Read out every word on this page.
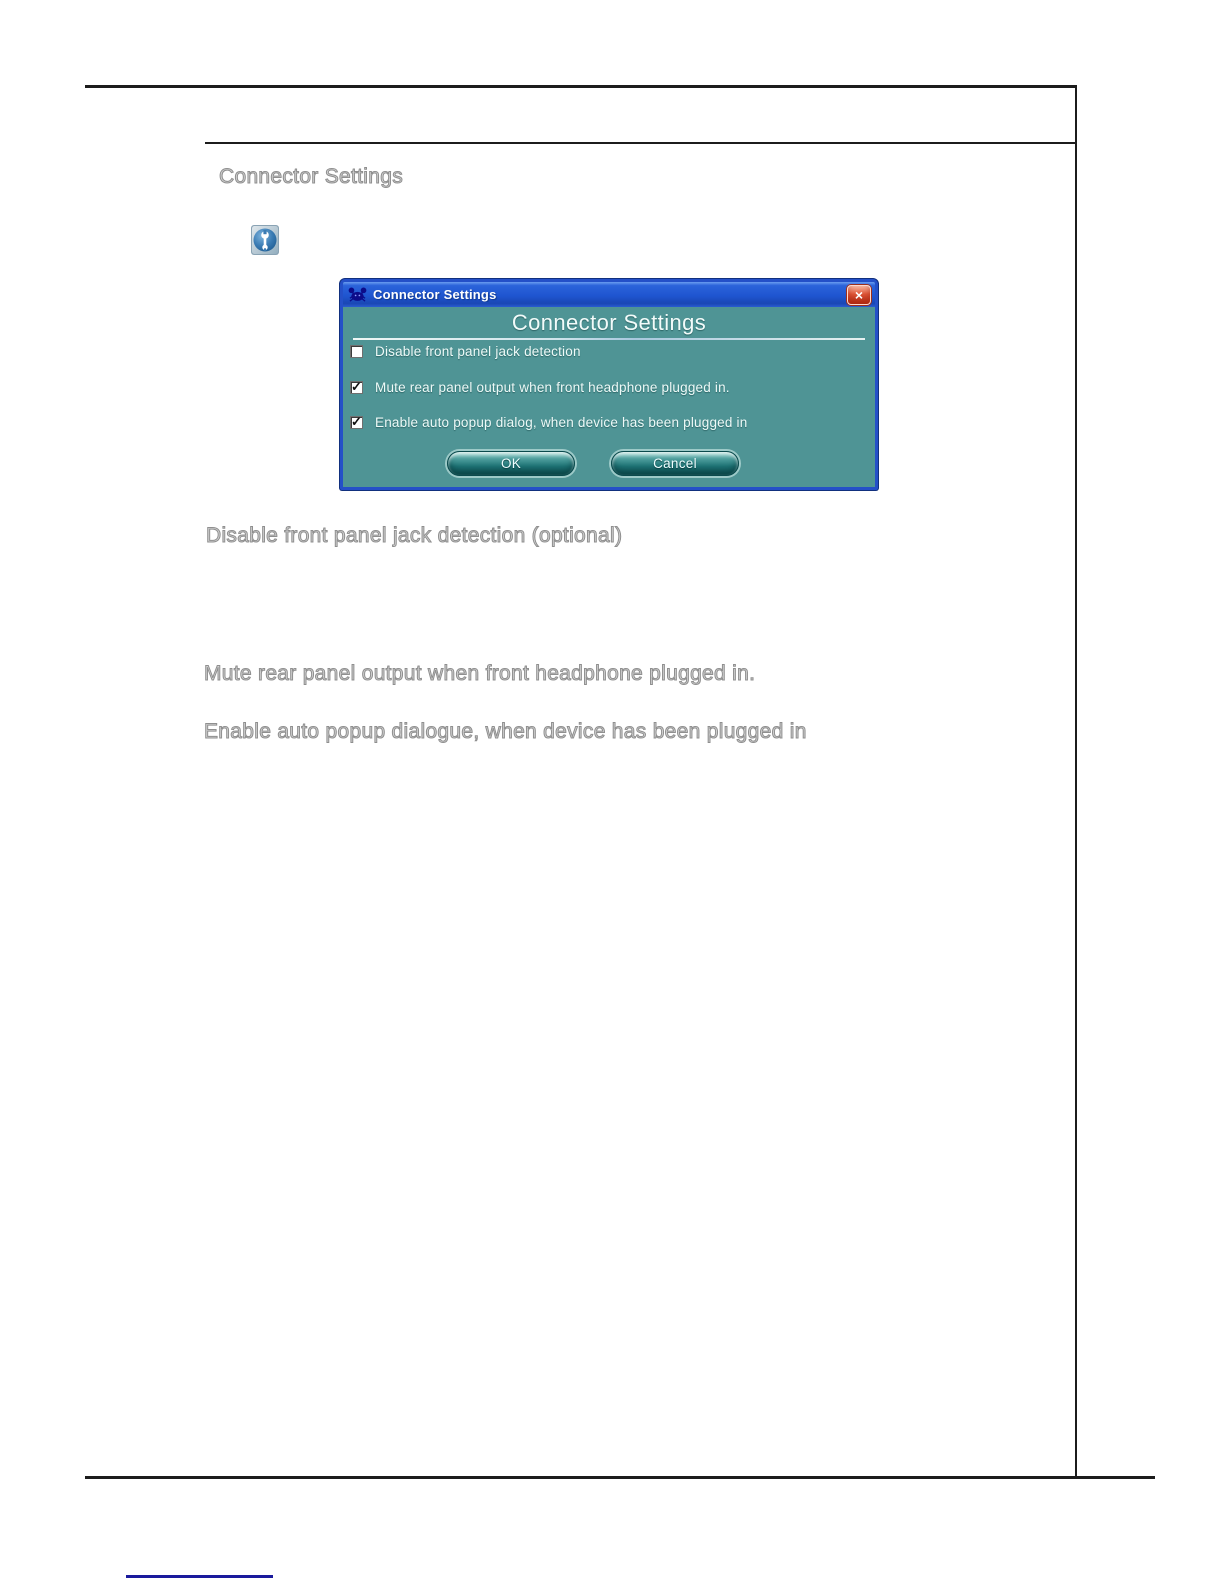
Connector Settings
Disable front panel jack detection (optional)
Mute rear panel output when front headphone plugged in.
Enable auto popup dialogue, when device has been plugged in
Connector Settings	×
Connector Settings
Disable front panel jack detection
✓
Mute rear panel output when front headphone plugged in.
✓
Enable auto popup dialog, when device has been plugged in
OK	Cancel
